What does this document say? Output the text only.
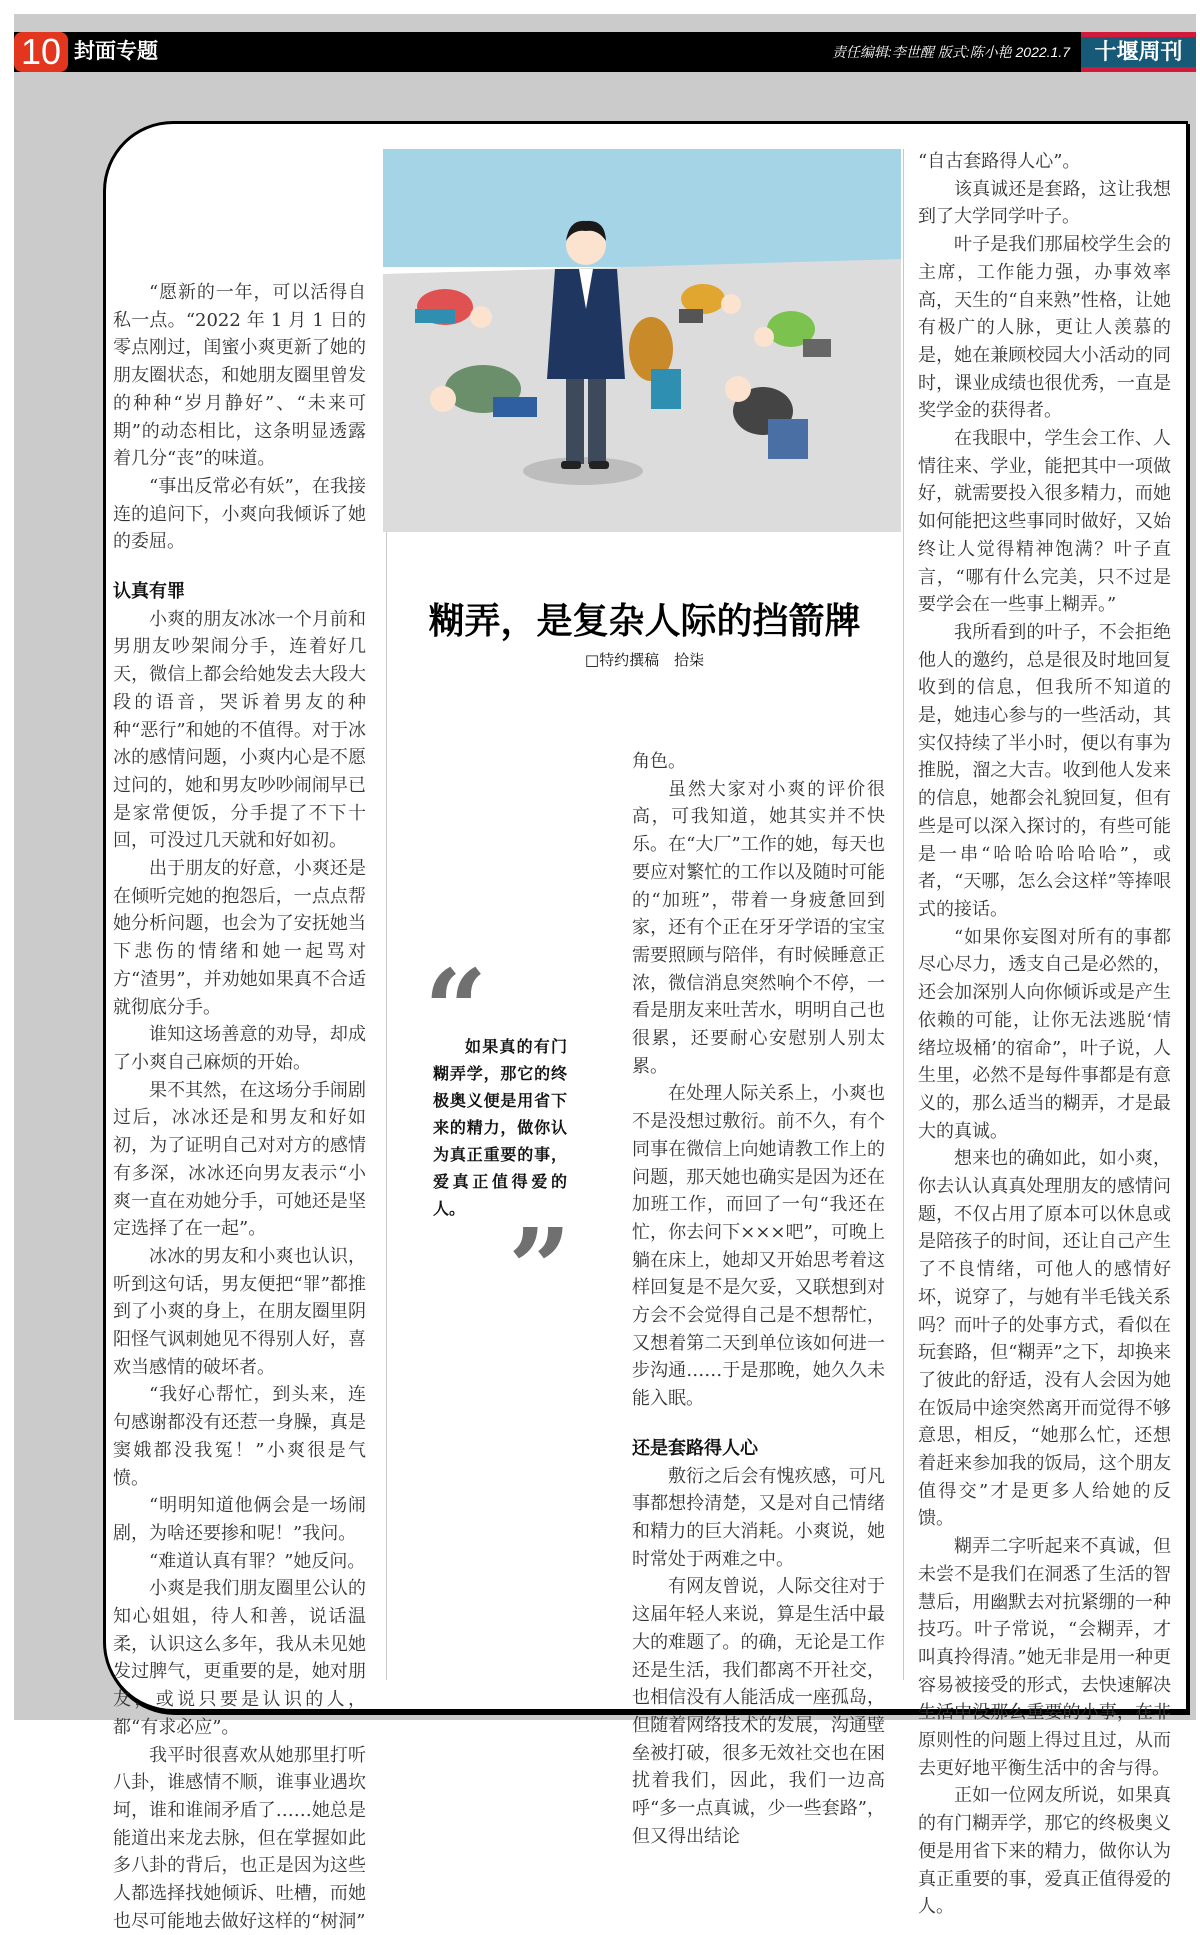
10 封面专题	责任编辑:李世醒 版式:陈小艳 2022.1.7	十堰周刊
糊弄，是复杂人际的挡箭牌
□特约撰稿　拾柒
“
如果真的有门糊弄学，那它的终极奥义便是用省下来的精力，做你认为真正重要的事，爱真正值得爱的人。 ”

“愿新的一年，可以活得自私一点。“2022 年 1 月 1 日的零点刚过，闺蜜小爽更新了她的朋友圈状态，和她朋友圈里曾发的种种“岁月静好”、“未来可期”的动态相比，这条明显透露着几分“丧”的味道。

“事出反常必有妖”，在我接连的追问下，小爽向我倾诉了她的委屈。

认真有罪

小爽的朋友冰冰一个月前和男朋友吵架闹分手，连着好几天，微信上都会给她发去大段大段的语音，哭诉着男友的种种“恶行”和她的不值得。对于冰冰的感情问题，小爽内心是不愿过问的，她和男友吵吵闹闹早已是家常便饭，分手提了不下十回，可没过几天就和好如初。

出于朋友的好意，小爽还是在倾听完她的抱怨后，一点点帮她分析问题，也会为了安抚她当下悲伤的情绪和她一起骂对方“渣男”，并劝她如果真不合适就彻底分手。

谁知这场善意的劝导，却成了小爽自己麻烦的开始。

果不其然，在这场分手闹剧过后，冰冰还是和男友和好如初，为了证明自己对对方的感情有多深，冰冰还向男友表示“小爽一直在劝她分手，可她还是坚定选择了在一起”。

冰冰的男友和小爽也认识，听到这句话，男友便把“罪”都推到了小爽的身上，在朋友圈里阴阳怪气讽刺她见不得别人好，喜欢当感情的破坏者。

“我好心帮忙，到头来，连句感谢都没有还惹一身臊，真是窦娥都没我冤！”小爽很是气愤。

“明明知道他俩会是一场闹剧，为啥还要掺和呢！”我问。

“难道认真有罪？”她反问。

小爽是我们朋友圈里公认的知心姐姐，待人和善，说话温柔，认识这么多年，我从未见她发过脾气，更重要的是，她对朋友，或说只要是认识的人，都“有求必应”。

我平时很喜欢从她那里打听八卦，谁感情不顺，谁事业遇坎坷，谁和谁闹矛盾了……她总是能道出来龙去脉，但在掌握如此多八卦的背后，也正是因为这些人都选择找她倾诉、吐槽，而她也尽可能地去做好这样的“树洞”

角色。

虽然大家对小爽的评价很高，可我知道，她其实并不快乐。在“大厂”工作的她，每天也要应对繁忙的工作以及随时可能的“加班”，带着一身疲惫回到家，还有个正在牙牙学语的宝宝需要照顾与陪伴，有时候睡意正浓，微信消息突然响个不停，一看是朋友来吐苦水，明明自己也很累，还要耐心安慰别人别太累。

在处理人际关系上，小爽也不是没想过敷衍。前不久，有个同事在微信上向她请教工作上的问题，那天她也确实是因为还在加班工作，而回了一句“我还在忙，你去问下×××吧”，可晚上躺在床上，她却又开始思考着这样回复是不是欠妥，又联想到对方会不会觉得自己是不想帮忙，又想着第二天到单位该如何进一步沟通……于是那晚，她久久未能入眠。

还是套路得人心

敷衍之后会有愧疚感，可凡事都想拎清楚，又是对自己情绪和精力的巨大消耗。小爽说，她时常处于两难之中。

有网友曾说，人际交往对于这届年轻人来说，算是生活中最大的难题了。的确，无论是工作还是生活，我们都离不开社交，也相信没有人能活成一座孤岛，但随着网络技术的发展，沟通壁垒被打破，很多无效社交也在困扰着我们，因此，我们一边高呼“多一点真诚，少一些套路”，但又得出结论

“自古套路得人心”。

该真诚还是套路，这让我想到了大学同学叶子。

叶子是我们那届校学生会的主席，工作能力强，办事效率高，天生的“自来熟”性格，让她有极广的人脉，更让人羡慕的是，她在兼顾校园大小活动的同时，课业成绩也很优秀，一直是奖学金的获得者。

在我眼中，学生会工作、人情往来、学业，能把其中一项做好，就需要投入很多精力，而她如何能把这些事同时做好，又始终让人觉得精神饱满？叶子直言，“哪有什么完美，只不过是要学会在一些事上糊弄。”

我所看到的叶子，不会拒绝他人的邀约，总是很及时地回复收到的信息，但我所不知道的是，她违心参与的一些活动，其实仅持续了半小时，便以有事为推脱，溜之大吉。收到他人发来的信息，她都会礼貌回复，但有些是可以深入探讨的，有些可能是一串“哈哈哈哈哈哈”，或者，“天哪，怎么会这样”等捧哏式的接话。

“如果你妄图对所有的事都尽心尽力，透支自己是必然的，还会加深别人向你倾诉或是产生依赖的可能，让你无法逃脱‘情绪垃圾桶’的宿命”，叶子说，人生里，必然不是每件事都是有意义的，那么适当的糊弄，才是最大的真诚。

想来也的确如此，如小爽，你去认认真真处理朋友的感情问题，不仅占用了原本可以休息或是陪孩子的时间，还让自己产生了不良情绪，可他人的感情好坏，说穿了，与她有半毛钱关系吗？而叶子的处事方式，看似在玩套路，但“糊弄”之下，却换来了彼此的舒适，没有人会因为她在饭局中途突然离开而觉得不够意思，相反，“她那么忙，还想着赶来参加我的饭局，这个朋友值得交”才是更多人给她的反馈。

糊弄二字听起来不真诚，但未尝不是我们在洞悉了生活的智慧后，用幽默去对抗紧绷的一种技巧。叶子常说，“会糊弄，才叫真拎得清。”她无非是用一种更容易被接受的形式，去快速解决生活中没那么重要的小事，在非原则性的问题上得过且过，从而去更好地平衡生活中的舍与得。

正如一位网友所说，如果真的有门糊弄学，那它的终极奥义便是用省下来的精力，做你认为真正重要的事，爱真正值得爱的人。
